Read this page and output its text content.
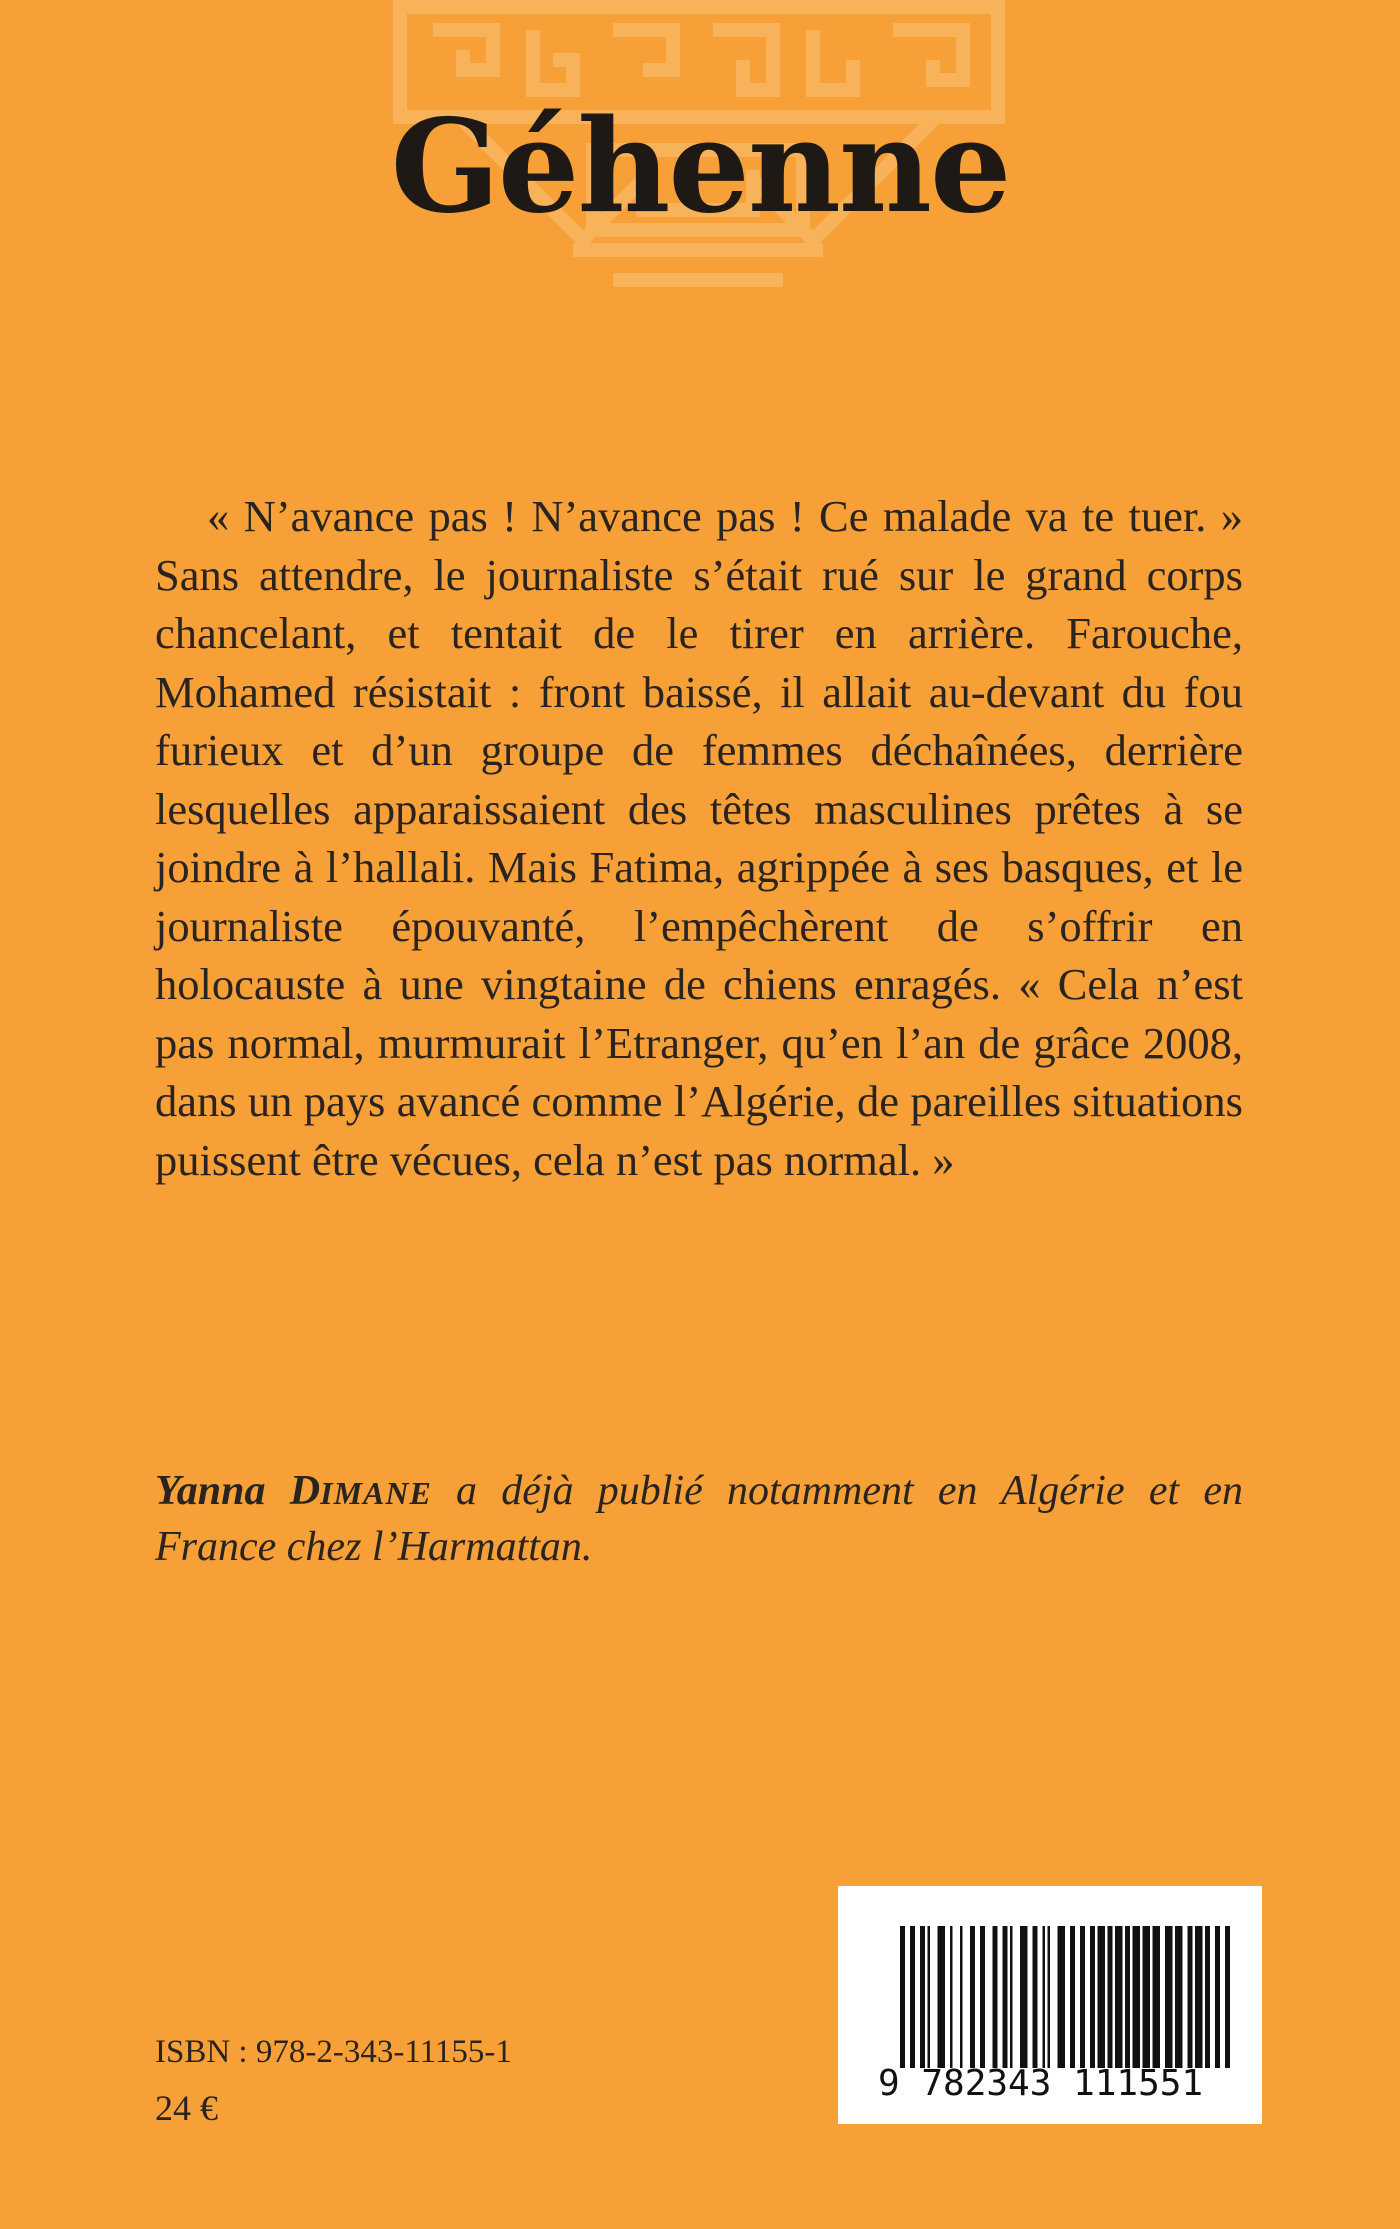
Géhenne

« N’avance pas ! N’avance pas ! Ce malade va te tuer. » Sans attendre, le journaliste s’était rué sur le grand corps chancelant, et tentait de le tirer en arrière. Farouche, Mohamed résistait : front baissé, il allait au-devant du fou furieux et d’un groupe de femmes déchaînées, derrière lesquelles apparaissaient des têtes masculines prêtes à se joindre à l’hallali. Mais Fatima, agrippée à ses basques, et le journaliste épouvanté, l’empêchèrent de s’offrir en holocauste à une vingtaine de chiens enragés. « Cela n’est pas normal, murmurait l’Etranger, qu’en l’an de grâce 2008, dans un pays avancé comme l’Algérie, de pareilles situations puissent être vécues, cela n’est pas normal. »

Yanna DIMANE a déjà publié notamment en Algérie et en France chez l’Harmattan.
ISBN : 978-2-343-11155-1
24 €
9 782343 111551
